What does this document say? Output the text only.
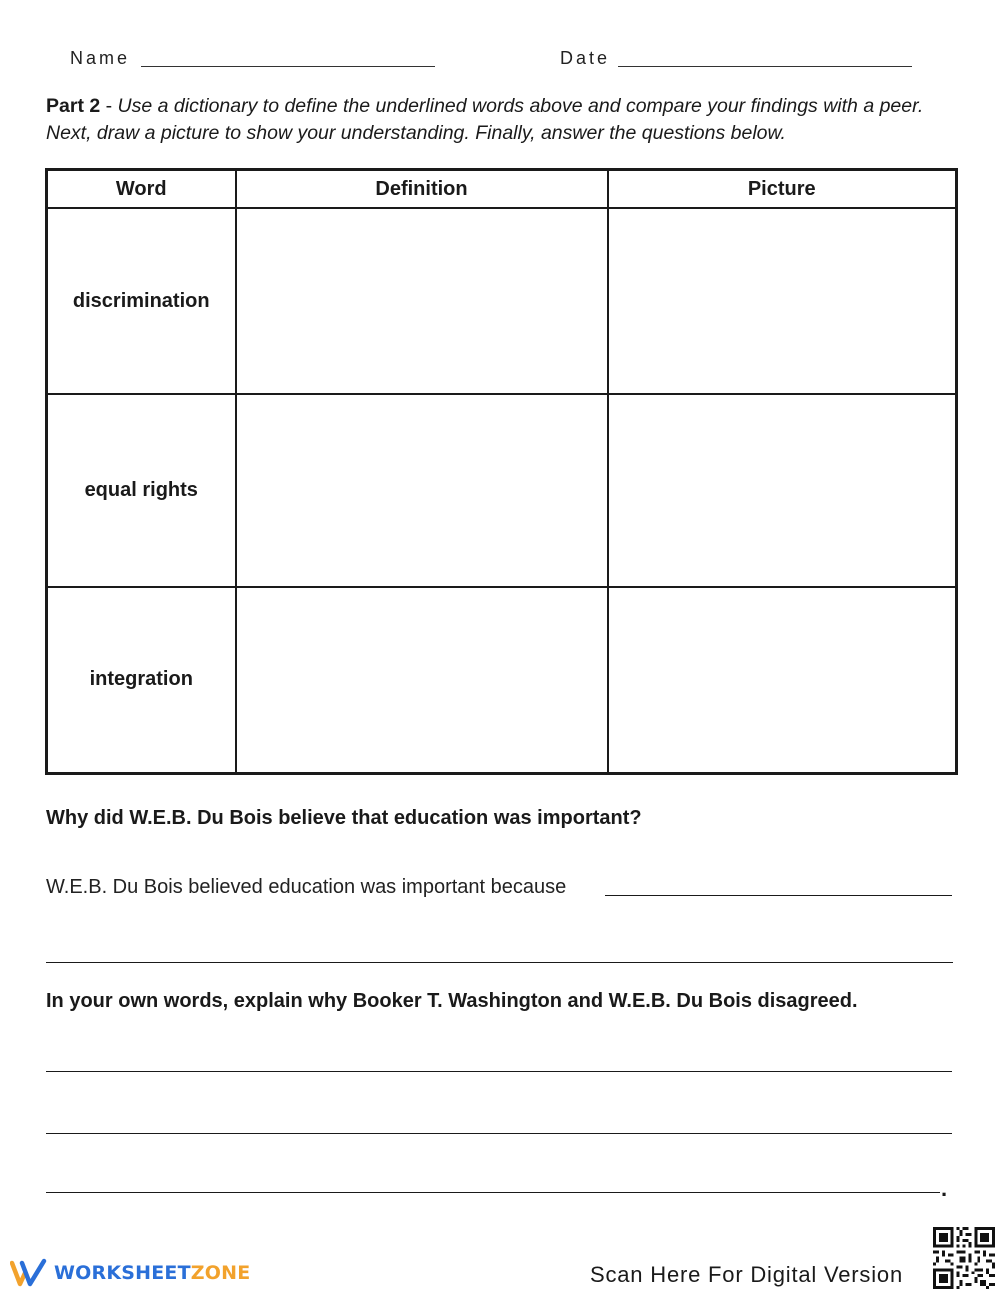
Name	Date
Part 2 - Use a dictionary to define the underlined words above and compare your findings with a peer. Next, draw a picture to show your understanding. Finally, answer the questions below.
Word	Definition	Picture
discrimination		
equal rights		
integration		
Why did W.E.B. Du Bois believe that education was important?
W.E.B. Du Bois believed education was important because
In your own words, explain why Booker T. Washington and W.E.B. Du Bois disagreed.
.
WORKSHEETZONE	Scan Here For Digital Version
